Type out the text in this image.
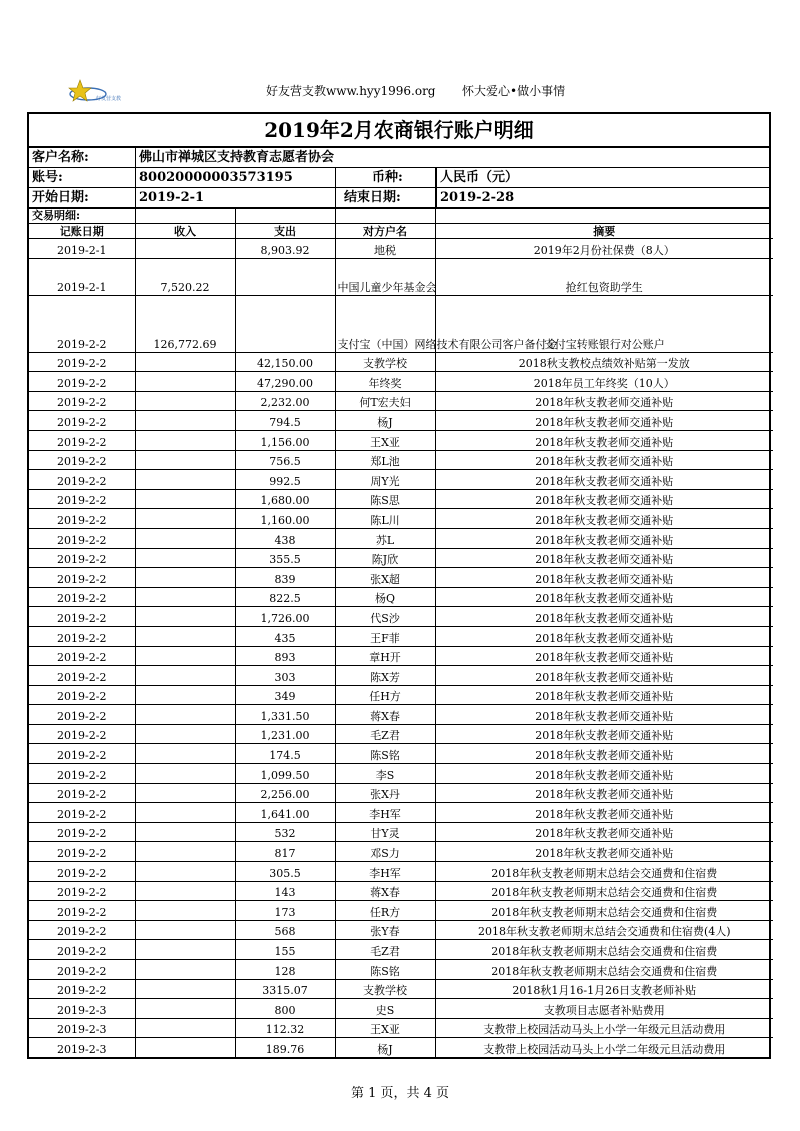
好友营支教
好友营支教www.hyy1996.org 怀大爱心•做小事情
2019年2月农商银行账户明细
客户名称:	佛山市禅城区支持教育志愿者协会
账号:	80020000003573195	币种:	人民币（元）
开始日期:	2019-2-1	结束日期:	2019-2-28
交易明细:
记账日期	收入	支出	对方户名	摘要
2019-2-1		8,903.92	地税	2019年2月份社保费（8人）
2019-2-1	7,520.22		中国儿童少年基金会	抢红包资助学生
2019-2-2	126,772.69		支付宝（中国）网络技术有限公司客户备付金	支付宝转账银行对公账户
2019-2-2		42,150.00	支教学校	2018秋支教校点绩效补贴第一发放
2019-2-2		47,290.00	年终奖	2018年员工年终奖（10人）
2019-2-2		2,232.00	何T宏夫妇	2018年秋支教老师交通补贴
2019-2-2		794.5	杨J	2018年秋支教老师交通补贴
2019-2-2		1,156.00	王X亚	2018年秋支教老师交通补贴
2019-2-2		756.5	郑L池	2018年秋支教老师交通补贴
2019-2-2		992.5	周Y光	2018年秋支教老师交通补贴
2019-2-2		1,680.00	陈S思	2018年秋支教老师交通补贴
2019-2-2		1,160.00	陈L川	2018年秋支教老师交通补贴
2019-2-2		438	苏L	2018年秋支教老师交通补贴
2019-2-2		355.5	陈J欣	2018年秋支教老师交通补贴
2019-2-2		839	张X超	2018年秋支教老师交通补贴
2019-2-2		822.5	杨Q	2018年秋支教老师交通补贴
2019-2-2		1,726.00	代S沙	2018年秋支教老师交通补贴
2019-2-2		435	王F菲	2018年秋支教老师交通补贴
2019-2-2		893	章H开	2018年秋支教老师交通补贴
2019-2-2		303	陈X芳	2018年秋支教老师交通补贴
2019-2-2		349	任H方	2018年秋支教老师交通补贴
2019-2-2		1,331.50	蒋X春	2018年秋支教老师交通补贴
2019-2-2		1,231.00	毛Z君	2018年秋支教老师交通补贴
2019-2-2		174.5	陈S铭	2018年秋支教老师交通补贴
2019-2-2		1,099.50	李S	2018年秋支教老师交通补贴
2019-2-2		2,256.00	张X丹	2018年秋支教老师交通补贴
2019-2-2		1,641.00	李H军	2018年秋支教老师交通补贴
2019-2-2		532	甘Y灵	2018年秋支教老师交通补贴
2019-2-2		817	邓S力	2018年秋支教老师交通补贴
2019-2-2		305.5	李H军	2018年秋支教老师期末总结会交通费和住宿费
2019-2-2		143	蒋X春	2018年秋支教老师期末总结会交通费和住宿费
2019-2-2		173	任R方	2018年秋支教老师期末总结会交通费和住宿费
2019-2-2		568	张Y春	2018年秋支教老师期末总结会交通费和住宿费(4人)
2019-2-2		155	毛Z君	2018年秋支教老师期末总结会交通费和住宿费
2019-2-2		128	陈S铭	2018年秋支教老师期末总结会交通费和住宿费
2019-2-2		3315.07	支教学校	2018秋1月16-1月26日支教老师补贴
2019-2-3		800	史S	支教项目志愿者补贴费用
2019-2-3		112.32	王X亚	支教带上校园活动马头上小学一年级元旦活动费用
2019-2-3		189.76	杨J	支教带上校园活动马头上小学二年级元旦活动费用
第 1 页，共 4 页
